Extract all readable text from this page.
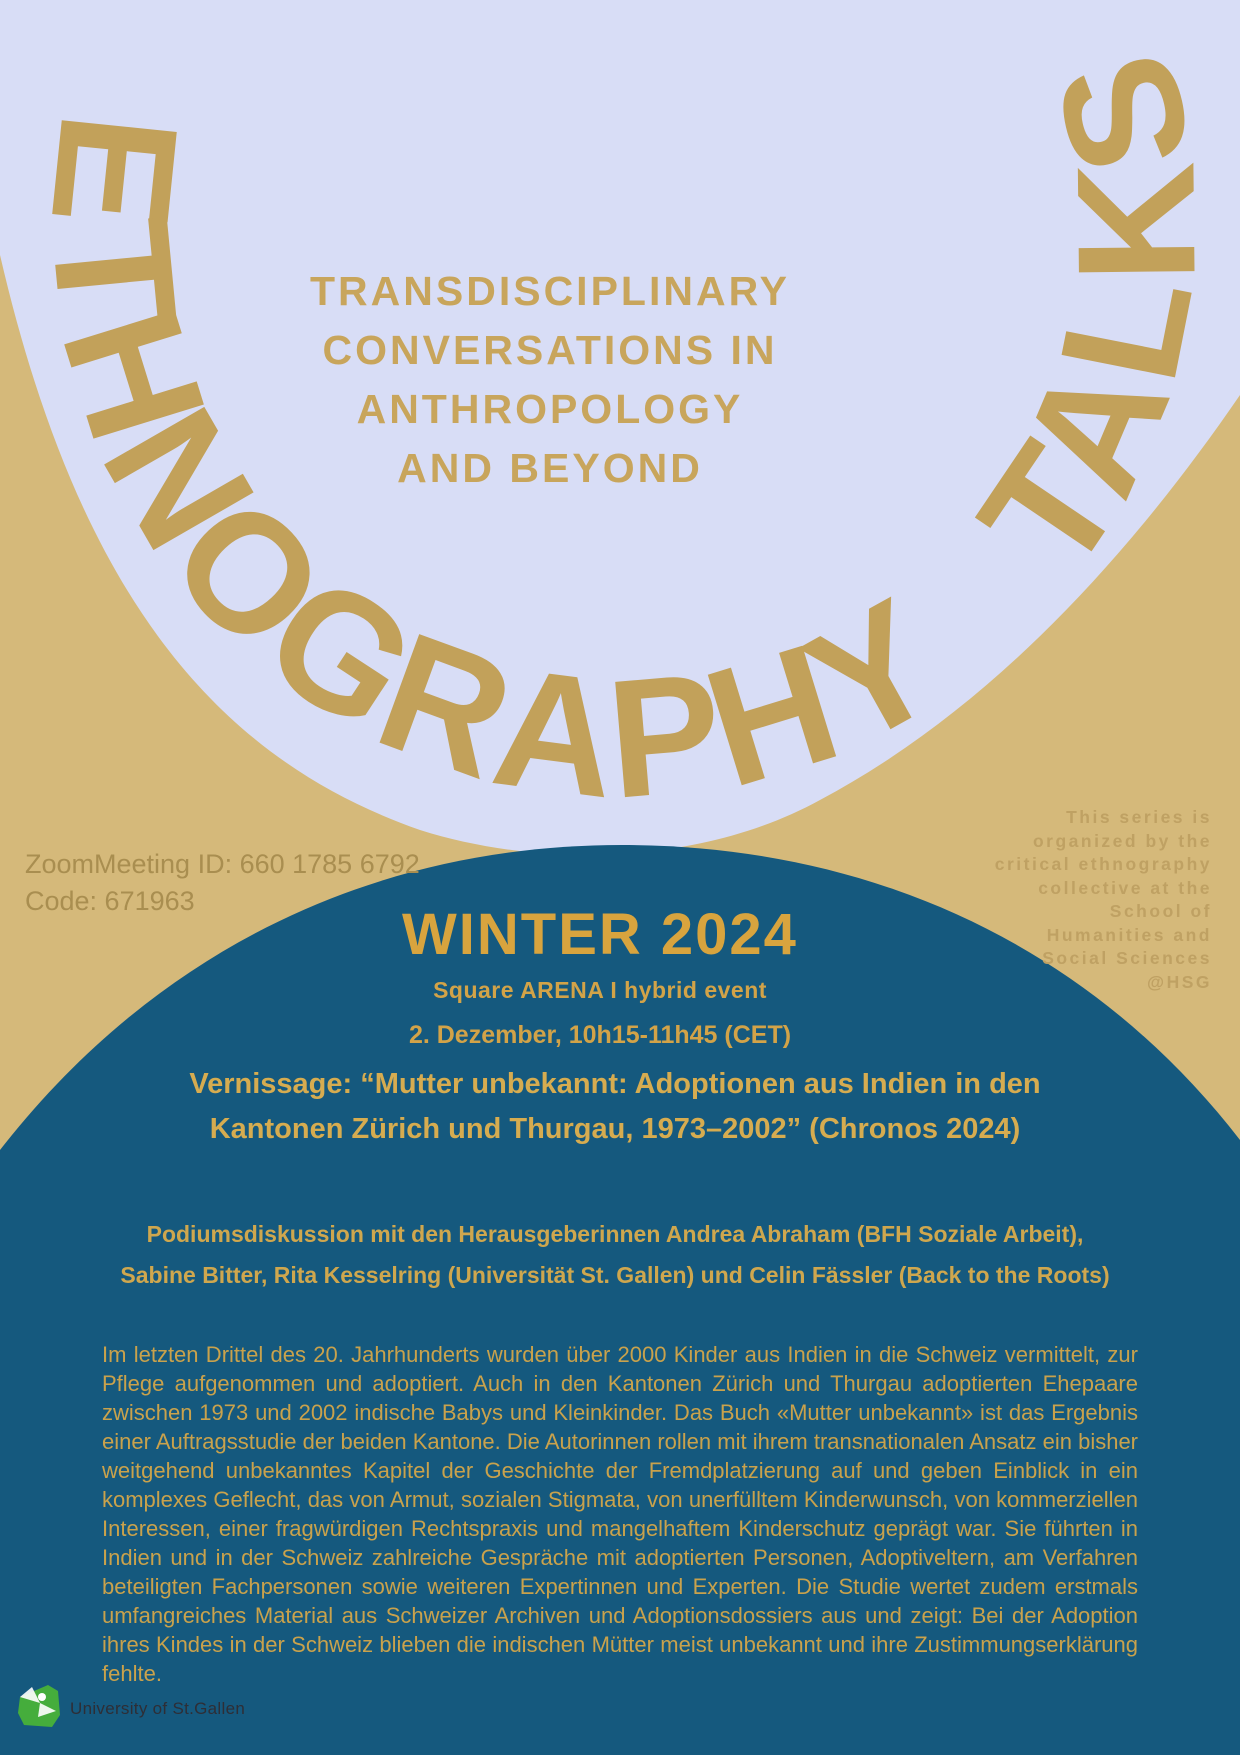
ETHNOGRAPHY TALKS
TRANSDISCIPLINARY
CONVERSATIONS IN
ANTHROPOLOGY
AND BEYOND
ZoomMeeting ID: 660 1785 6792
Code: 671963
This series is
organized by the
critical ethnography
collective at the
School of
Humanities and
Social Sciences
@HSG
WINTER 2024
Square ARENA I hybrid event
2. Dezember, 10h15-11h45 (CET)
Vernissage: “Mutter unbekannt: Adoptionen aus Indien in den
Kantonen Zürich und Thurgau, 1973–2002” (Chronos 2024)
Podiumsdiskussion mit den Herausgeberinnen Andrea Abraham (BFH Soziale Arbeit),
Sabine Bitter, Rita Kesselring (Universität St. Gallen) und Celin Fässler (Back to the Roots)

Im letzten Drittel des 20. Jahrhunderts wurden über 2000 Kinder aus Indien in die Schweiz vermittelt, zur Pflege aufgenommen und adoptiert. Auch in den Kantonen Zürich und Thurgau adoptierten Ehepaare zwischen 1973 und 2002 indische Babys und Kleinkinder. Das Buch «Mutter unbekannt» ist das Ergebnis einer Auftragsstudie der beiden Kantone. Die Autorinnen rollen mit ihrem transnationalen Ansatz ein bisher weitgehend unbekanntes Kapitel der Geschichte der Fremdplatzierung auf und geben Einblick in ein komplexes Geflecht, das von Armut, sozialen Stigmata, von unerfülltem Kinderwunsch, von kommerziellen Interessen, einer fragwürdigen Rechtspraxis und mangelhaftem Kinderschutz geprägt war. Sie führten in Indien und in der Schweiz zahlreiche Gespräche mit adoptierten Personen, Adoptiveltern, am Verfahren beteiligten Fachpersonen sowie weiteren Expertinnen und Experten. Die Studie wertet zudem erstmals umfangreiches Material aus Schweizer Archiven und Adoptionsdossiers aus und zeigt: Bei der Adoption ihres Kindes in der Schweiz blieben die indischen Mütter meist unbekannt und ihre Zustimmungserklärung fehlte.

University of St.Gallen
